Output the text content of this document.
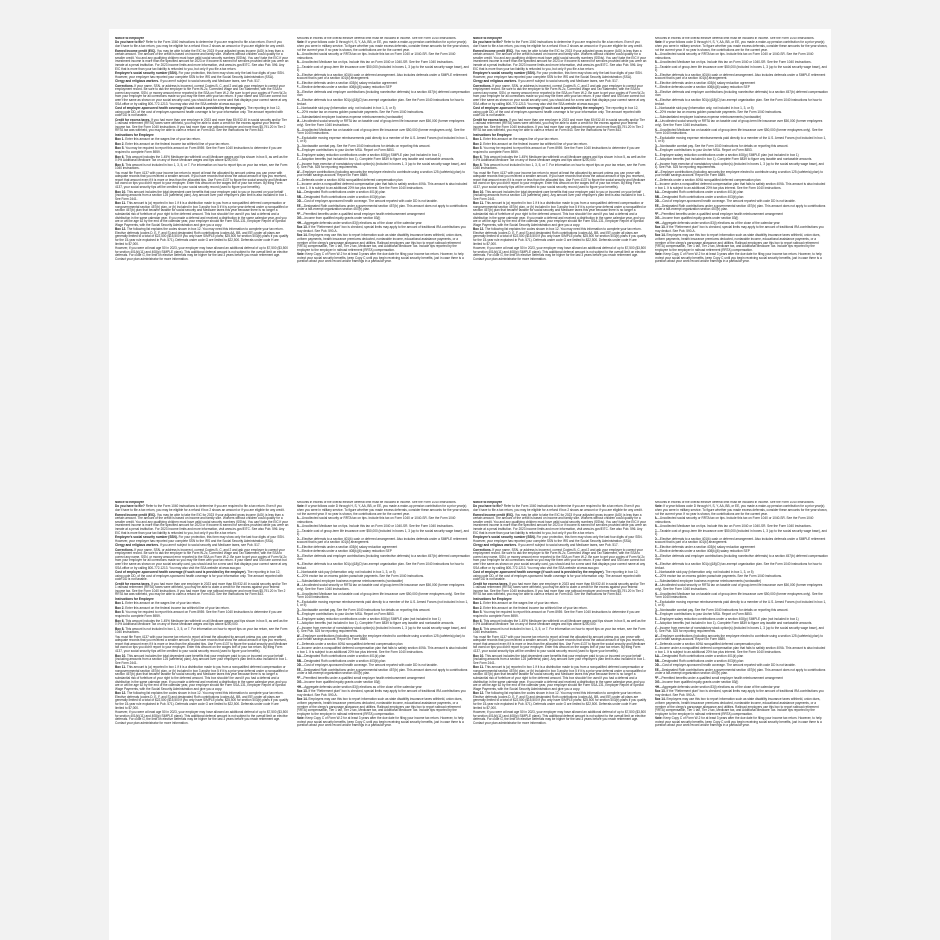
Notice to Employee

Do you have to file? Refer to the Form 1040 instructions to determine if you are required to file a tax return. Even if you don't have to file a tax return, you may be eligible for a refund if box 2 shows an amount or if you are eligible for any credit.

Earned income credit (EIC). You may be able to take the EIC for 2023 if your adjusted gross income (AGI) is less than a certain amount. The amount of the credit is based on income and family size. Workers without children could qualify for a smaller credit. You and any qualifying children must have valid social security numbers (SSNs). You can't take the EIC if your investment income is more than the specified amount for 2023 or if income is earned for services provided while you were an inmate at a penal institution. For 2023 income limits and more information, visit www.irs.gov/EITC. See also Pub. 596. Any EIC that is more than your tax liability is refunded to you, but only if you file a tax return.

Employee's social security number (SSN). For your protection, this form may show only the last four digits of your SSN. However, your employer has reported your complete SSN to the IRS and the Social Security Administration (SSA).

Clergy and religious workers. If you aren't subject to social security and Medicare taxes, see Pub. 517.

Corrections. If your name, SSN, or address is incorrect, correct Copies B, C, and 2 and ask your employer to correct your employment record. Be sure to ask the employer to file Form W-2c, Corrected Wage and Tax Statement, with the SSA to correct any name, SSN, or money amount error reported to the SSA on Form W-2. Be sure to get your copies of Form W-2c from your employer for all corrections made so you may file them with your tax return. If your name and SSN are correct but aren't the same as shown on your social security card, you should ask for a new card that displays your correct name at any SSA office or by calling 800-772-1213. You may also visit the SSA website at www.ssa.gov.

Cost of employer-sponsored health coverage (if such cost is provided by the employer). The reporting in box 12, using code DD, of the cost of employer-sponsored health coverage is for your information only. The amount reported with code DD is not taxable.

Credit for excess taxes. If you had more than one employer in 2023 and more than $9,932.40 in social security and/or Tier 1 railroad retirement (RRTA) taxes were withheld, you may be able to claim a credit for the excess against your federal income tax. See the Form 1040 instructions. If you had more than one railroad employer and more than $5,791.20 in Tier 2 RRTA tax was withheld, you may be able to claim a refund on Form 843. See the Instructions for Form 843.

Instructions for Employee

Box 1. Enter this amount on the wages line of your tax return.

Box 2. Enter this amount on the federal income tax withheld line of your tax return.

Box 5. You may be required to report this amount on Form 8959. See the Form 1040 instructions to determine if you are required to complete Form 8959.

Box 6. This amount includes the 1.45% Medicare tax withheld on all Medicare wages and tips shown in box 5, as well as the 0.9% Additional Medicare Tax on any of those Medicare wages and tips above $200,000.

Box 8. This amount is not included in box 1, 3, 5, or 7. For information on how to report tips on your tax return, see the Form 1040 instructions.

You must file Form 4137 with your income tax return to report at least the allocated tip amount unless you can prove with adequate records that you received a smaller amount. If you have records that show the actual amount of tips you received, report that amount even if it is more or less than the allocated tips. Use Form 4137 to figure the social security and Medicare tax owed on tips you didn't report to your employer. Enter this amount on the wages line of your tax return. By filing Form 4137, your social security tips will be credited to your social security record (used to figure your benefits).

Box 10. This amount includes the total dependent care benefits that your employer paid to you or incurred on your behalf (including amounts from a section 125 (cafeteria) plan). Any amount over your employer's plan limit is also included in box 1. See Form 2441.

Box 11. This amount is (a) reported in box 1 if it is a distribution made to you from a nonqualified deferred compensation or nongovernmental section 457(b) plan, or (b) included in box 3 and/or box 5 if it is a prior year deferral under a nonqualified or section 457(b) plan that became taxable for social security and Medicare taxes this year because there is no longer a substantial risk of forfeiture of your right to the deferred amount. This box shouldn't be used if you had a deferral and a distribution in the same calendar year. If you made a deferral and received a distribution in the same calendar year, and you are or will be age 62 by the end of the calendar year, your employer should file Form SSA-131, Employer Report of Special Wage Payments, with the Social Security Administration and give you a copy.

Box 12. The following list explains the codes shown in box 12. You may need this information to complete your tax return. Elective deferrals (codes D, E, F, and S) and designated Roth contributions (codes AA, BB, and EE) under all plans are generally limited to a total of $22,500 ($15,500 if you only have SIMPLE plans; $25,500 for section 403(b) plans if you qualify for the 15-year rule explained in Pub. 571). Deferrals under code G are limited to $22,500. Deferrals under code H are limited to $7,000.

However, if you were at least age 50 in 2023, your employer may have allowed an additional deferral of up to $7,500 ($3,500 for section 401(k)(11) and 408(p) SIMPLE plans). This additional deferral amount is not subject to the overall limit on elective deferrals. For code G, the limit on elective deferrals may be higher for the last 3 years before you reach retirement age. Contact your plan administrator for more information.

Amounts in excess of the overall elective deferral limit must be included in income. See the Form 1040 instructions.

Note: If a year follows code D through H, S, Y, AA, BB, or EE, you made a make-up pension contribution for a prior year(s) when you were in military service. To figure whether you made excess deferrals, consider these amounts for the year shown, not the current year. If no year is shown, the contributions are for the current year.

A—Uncollected social security or RRTA tax on tips. Include this tax on Form 1040 or 1040-SR. See the Form 1040 instructions.

B—Uncollected Medicare tax on tips. Include this tax on Form 1040 or 1040-SR. See the Form 1040 instructions.

C—Taxable cost of group-term life insurance over $50,000 (included in boxes 1, 3 (up to the social security wage base), and 5)

D—Elective deferrals to a section 401(k) cash or deferred arrangement. Also includes deferrals under a SIMPLE retirement account that is part of a section 401(k) arrangement.

E—Elective deferrals under a section 403(b) salary reduction agreement

F—Elective deferrals under a section 408(k)(6) salary reduction SEP

G—Elective deferrals and employer contributions (including nonelective deferrals) to a section 457(b) deferred compensation plan

H—Elective deferrals to a section 501(c)(18)(D) tax-exempt organization plan. See the Form 1040 instructions for how to deduct.

J—Nontaxable sick pay (information only, not included in box 1, 3, or 5)

K—20% excise tax on excess golden parachute payments. See the Form 1040 instructions.

L—Substantiated employee business expense reimbursements (nontaxable)

M—Uncollected social security or RRTA tax on taxable cost of group-term life insurance over $50,000 (former employees only). See the Form 1040 instructions.

N—Uncollected Medicare tax on taxable cost of group-term life insurance over $50,000 (former employees only). See the Form 1040 instructions.

P—Excludable moving expense reimbursements paid directly to a member of the U.S. Armed Forces (not included in box 1, 3, or 5)

Q—Nontaxable combat pay. See the Form 1040 instructions for details on reporting this amount.

R—Employer contributions to your Archer MSA. Report on Form 8853.

S—Employee salary reduction contributions under a section 408(p) SIMPLE plan (not included in box 1)

T—Adoption benefits (not included in box 1). Complete Form 8839 to figure any taxable and nontaxable amounts.

V—Income from exercise of nonstatutory stock option(s) (included in boxes 1, 3 (up to the social security wage base), and 5). See Pub. 525 for reporting requirements.

W—Employer contributions (including amounts the employee elected to contribute using a section 125 (cafeteria) plan) to your health savings account. Report on Form 8889.

Y—Deferrals under a section 409A nonqualified deferred compensation plan

Z—Income under a nonqualified deferred compensation plan that fails to satisfy section 409A. This amount is also included in box 1. It is subject to an additional 20% tax plus interest. See the Form 1040 instructions.

AA—Designated Roth contributions under a section 401(k) plan

BB—Designated Roth contributions under a section 403(b) plan

DD—Cost of employer-sponsored health coverage. The amount reported with code DD is not taxable.

EE—Designated Roth contributions under a governmental section 457(b) plan. This amount does not apply to contributions under a tax-exempt organization section 457(b) plan.

FF—Permitted benefits under a qualified small employer health reimbursement arrangement

GG—Income from qualified equity grants under section 83(i)

HH—Aggregate deferrals under section 83(i) elections as of the close of the calendar year

Box 13. If the "Retirement plan" box is checked, special limits may apply to the amount of traditional IRA contributions you may deduct. See Pub. 590-A.

Box 14. Employers may use this box to report information such as state disability insurance taxes withheld, union dues, uniform payments, health insurance premiums deducted, nontaxable income, educational assistance payments, or a member of the clergy's parsonage allowance and utilities. Railroad employers use this box to report railroad retirement (RRTA) compensation, Tier 1 tax, Tier 2 tax, Medicare tax, and Additional Medicare Tax. Include tips reported by the employee to the employer in railroad retirement (RRTA) compensation.

Note: Keep Copy C of Form W-2 for at least 3 years after the due date for filing your income tax return. However, to help protect your social security benefits, keep Copy C until you begin receiving social security benefits, just in case there is a question about your work record and/or earnings in a particular year.

Notice to Employee

Do you have to file? Refer to the Form 1040 instructions to determine if you are required to file a tax return. Even if you don't have to file a tax return, you may be eligible for a refund if box 2 shows an amount or if you are eligible for any credit.

Earned income credit (EIC). You may be able to take the EIC for 2023 if your adjusted gross income (AGI) is less than a certain amount. The amount of the credit is based on income and family size. Workers without children could qualify for a smaller credit. You and any qualifying children must have valid social security numbers (SSNs). You can't take the EIC if your investment income is more than the specified amount for 2023 or if income is earned for services provided while you were an inmate at a penal institution. For 2023 income limits and more information, visit www.irs.gov/EITC. See also Pub. 596. Any EIC that is more than your tax liability is refunded to you, but only if you file a tax return.

Employee's social security number (SSN). For your protection, this form may show only the last four digits of your SSN. However, your employer has reported your complete SSN to the IRS and the Social Security Administration (SSA).

Clergy and religious workers. If you aren't subject to social security and Medicare taxes, see Pub. 517.

Corrections. If your name, SSN, or address is incorrect, correct Copies B, C, and 2 and ask your employer to correct your employment record. Be sure to ask the employer to file Form W-2c, Corrected Wage and Tax Statement, with the SSA to correct any name, SSN, or money amount error reported to the SSA on Form W-2. Be sure to get your copies of Form W-2c from your employer for all corrections made so you may file them with your tax return. If your name and SSN are correct but aren't the same as shown on your social security card, you should ask for a new card that displays your correct name at any SSA office or by calling 800-772-1213. You may also visit the SSA website at www.ssa.gov.

Cost of employer-sponsored health coverage (if such cost is provided by the employer). The reporting in box 12, using code DD, of the cost of employer-sponsored health coverage is for your information only. The amount reported with code DD is not taxable.

Credit for excess taxes. If you had more than one employer in 2023 and more than $9,932.40 in social security and/or Tier 1 railroad retirement (RRTA) taxes were withheld, you may be able to claim a credit for the excess against your federal income tax. See the Form 1040 instructions. If you had more than one railroad employer and more than $5,791.20 in Tier 2 RRTA tax was withheld, you may be able to claim a refund on Form 843. See the Instructions for Form 843.

Instructions for Employee

Box 1. Enter this amount on the wages line of your tax return.

Box 2. Enter this amount on the federal income tax withheld line of your tax return.

Box 5. You may be required to report this amount on Form 8959. See the Form 1040 instructions to determine if you are required to complete Form 8959.

Box 6. This amount includes the 1.45% Medicare tax withheld on all Medicare wages and tips shown in box 5, as well as the 0.9% Additional Medicare Tax on any of those Medicare wages and tips above $200,000.

Box 8. This amount is not included in box 1, 3, 5, or 7. For information on how to report tips on your tax return, see the Form 1040 instructions.

You must file Form 4137 with your income tax return to report at least the allocated tip amount unless you can prove with adequate records that you received a smaller amount. If you have records that show the actual amount of tips you received, report that amount even if it is more or less than the allocated tips. Use Form 4137 to figure the social security and Medicare tax owed on tips you didn't report to your employer. Enter this amount on the wages line of your tax return. By filing Form 4137, your social security tips will be credited to your social security record (used to figure your benefits).

Box 10. This amount includes the total dependent care benefits that your employer paid to you or incurred on your behalf (including amounts from a section 125 (cafeteria) plan). Any amount over your employer's plan limit is also included in box 1. See Form 2441.

Box 11. This amount is (a) reported in box 1 if it is a distribution made to you from a nonqualified deferred compensation or nongovernmental section 457(b) plan, or (b) included in box 3 and/or box 5 if it is a prior year deferral under a nonqualified or section 457(b) plan that became taxable for social security and Medicare taxes this year because there is no longer a substantial risk of forfeiture of your right to the deferred amount. This box shouldn't be used if you had a deferral and a distribution in the same calendar year. If you made a deferral and received a distribution in the same calendar year, and you are or will be age 62 by the end of the calendar year, your employer should file Form SSA-131, Employer Report of Special Wage Payments, with the Social Security Administration and give you a copy.

Box 12. The following list explains the codes shown in box 12. You may need this information to complete your tax return. Elective deferrals (codes D, E, F, and S) and designated Roth contributions (codes AA, BB, and EE) under all plans are generally limited to a total of $22,500 ($15,500 if you only have SIMPLE plans; $25,500 for section 403(b) plans if you qualify for the 15-year rule explained in Pub. 571). Deferrals under code G are limited to $22,500. Deferrals under code H are limited to $7,000.

However, if you were at least age 50 in 2023, your employer may have allowed an additional deferral of up to $7,500 ($3,500 for section 401(k)(11) and 408(p) SIMPLE plans). This additional deferral amount is not subject to the overall limit on elective deferrals. For code G, the limit on elective deferrals may be higher for the last 3 years before you reach retirement age. Contact your plan administrator for more information.

Amounts in excess of the overall elective deferral limit must be included in income. See the Form 1040 instructions.

Note: If a year follows code D through H, S, Y, AA, BB, or EE, you made a make-up pension contribution for a prior year(s) when you were in military service. To figure whether you made excess deferrals, consider these amounts for the year shown, not the current year. If no year is shown, the contributions are for the current year.

A—Uncollected social security or RRTA tax on tips. Include this tax on Form 1040 or 1040-SR. See the Form 1040 instructions.

B—Uncollected Medicare tax on tips. Include this tax on Form 1040 or 1040-SR. See the Form 1040 instructions.

C—Taxable cost of group-term life insurance over $50,000 (included in boxes 1, 3 (up to the social security wage base), and 5)

D—Elective deferrals to a section 401(k) cash or deferred arrangement. Also includes deferrals under a SIMPLE retirement account that is part of a section 401(k) arrangement.

E—Elective deferrals under a section 403(b) salary reduction agreement

F—Elective deferrals under a section 408(k)(6) salary reduction SEP

G—Elective deferrals and employer contributions (including nonelective deferrals) to a section 457(b) deferred compensation plan

H—Elective deferrals to a section 501(c)(18)(D) tax-exempt organization plan. See the Form 1040 instructions for how to deduct.

J—Nontaxable sick pay (information only, not included in box 1, 3, or 5)

K—20% excise tax on excess golden parachute payments. See the Form 1040 instructions.

L—Substantiated employee business expense reimbursements (nontaxable)

M—Uncollected social security or RRTA tax on taxable cost of group-term life insurance over $50,000 (former employees only). See the Form 1040 instructions.

N—Uncollected Medicare tax on taxable cost of group-term life insurance over $50,000 (former employees only). See the Form 1040 instructions.

P—Excludable moving expense reimbursements paid directly to a member of the U.S. Armed Forces (not included in box 1, 3, or 5)

Q—Nontaxable combat pay. See the Form 1040 instructions for details on reporting this amount.

R—Employer contributions to your Archer MSA. Report on Form 8853.

S—Employee salary reduction contributions under a section 408(p) SIMPLE plan (not included in box 1)

T—Adoption benefits (not included in box 1). Complete Form 8839 to figure any taxable and nontaxable amounts.

V—Income from exercise of nonstatutory stock option(s) (included in boxes 1, 3 (up to the social security wage base), and 5). See Pub. 525 for reporting requirements.

W—Employer contributions (including amounts the employee elected to contribute using a section 125 (cafeteria) plan) to your health savings account. Report on Form 8889.

Y—Deferrals under a section 409A nonqualified deferred compensation plan

Z—Income under a nonqualified deferred compensation plan that fails to satisfy section 409A. This amount is also included in box 1. It is subject to an additional 20% tax plus interest. See the Form 1040 instructions.

AA—Designated Roth contributions under a section 401(k) plan

BB—Designated Roth contributions under a section 403(b) plan

DD—Cost of employer-sponsored health coverage. The amount reported with code DD is not taxable.

EE—Designated Roth contributions under a governmental section 457(b) plan. This amount does not apply to contributions under a tax-exempt organization section 457(b) plan.

FF—Permitted benefits under a qualified small employer health reimbursement arrangement

GG—Income from qualified equity grants under section 83(i)

HH—Aggregate deferrals under section 83(i) elections as of the close of the calendar year

Box 13. If the "Retirement plan" box is checked, special limits may apply to the amount of traditional IRA contributions you may deduct. See Pub. 590-A.

Box 14. Employers may use this box to report information such as state disability insurance taxes withheld, union dues, uniform payments, health insurance premiums deducted, nontaxable income, educational assistance payments, or a member of the clergy's parsonage allowance and utilities. Railroad employers use this box to report railroad retirement (RRTA) compensation, Tier 1 tax, Tier 2 tax, Medicare tax, and Additional Medicare Tax. Include tips reported by the employee to the employer in railroad retirement (RRTA) compensation.

Note: Keep Copy C of Form W-2 for at least 3 years after the due date for filing your income tax return. However, to help protect your social security benefits, keep Copy C until you begin receiving social security benefits, just in case there is a question about your work record and/or earnings in a particular year.

Notice to Employee

Do you have to file? Refer to the Form 1040 instructions to determine if you are required to file a tax return. Even if you don't have to file a tax return, you may be eligible for a refund if box 2 shows an amount or if you are eligible for any credit.

Earned income credit (EIC). You may be able to take the EIC for 2023 if your adjusted gross income (AGI) is less than a certain amount. The amount of the credit is based on income and family size. Workers without children could qualify for a smaller credit. You and any qualifying children must have valid social security numbers (SSNs). You can't take the EIC if your investment income is more than the specified amount for 2023 or if income is earned for services provided while you were an inmate at a penal institution. For 2023 income limits and more information, visit www.irs.gov/EITC. See also Pub. 596. Any EIC that is more than your tax liability is refunded to you, but only if you file a tax return.

Employee's social security number (SSN). For your protection, this form may show only the last four digits of your SSN. However, your employer has reported your complete SSN to the IRS and the Social Security Administration (SSA).

Clergy and religious workers. If you aren't subject to social security and Medicare taxes, see Pub. 517.

Corrections. If your name, SSN, or address is incorrect, correct Copies B, C, and 2 and ask your employer to correct your employment record. Be sure to ask the employer to file Form W-2c, Corrected Wage and Tax Statement, with the SSA to correct any name, SSN, or money amount error reported to the SSA on Form W-2. Be sure to get your copies of Form W-2c from your employer for all corrections made so you may file them with your tax return. If your name and SSN are correct but aren't the same as shown on your social security card, you should ask for a new card that displays your correct name at any SSA office or by calling 800-772-1213. You may also visit the SSA website at www.ssa.gov.

Cost of employer-sponsored health coverage (if such cost is provided by the employer). The reporting in box 12, using code DD, of the cost of employer-sponsored health coverage is for your information only. The amount reported with code DD is not taxable.

Credit for excess taxes. If you had more than one employer in 2023 and more than $9,932.40 in social security and/or Tier 1 railroad retirement (RRTA) taxes were withheld, you may be able to claim a credit for the excess against your federal income tax. See the Form 1040 instructions. If you had more than one railroad employer and more than $5,791.20 in Tier 2 RRTA tax was withheld, you may be able to claim a refund on Form 843. See the Instructions for Form 843.

Instructions for Employee

Box 1. Enter this amount on the wages line of your tax return.

Box 2. Enter this amount on the federal income tax withheld line of your tax return.

Box 5. You may be required to report this amount on Form 8959. See the Form 1040 instructions to determine if you are required to complete Form 8959.

Box 6. This amount includes the 1.45% Medicare tax withheld on all Medicare wages and tips shown in box 5, as well as the 0.9% Additional Medicare Tax on any of those Medicare wages and tips above $200,000.

Box 8. This amount is not included in box 1, 3, 5, or 7. For information on how to report tips on your tax return, see the Form 1040 instructions.

You must file Form 4137 with your income tax return to report at least the allocated tip amount unless you can prove with adequate records that you received a smaller amount. If you have records that show the actual amount of tips you received, report that amount even if it is more or less than the allocated tips. Use Form 4137 to figure the social security and Medicare tax owed on tips you didn't report to your employer. Enter this amount on the wages line of your tax return. By filing Form 4137, your social security tips will be credited to your social security record (used to figure your benefits).

Box 10. This amount includes the total dependent care benefits that your employer paid to you or incurred on your behalf (including amounts from a section 125 (cafeteria) plan). Any amount over your employer's plan limit is also included in box 1. See Form 2441.

Box 11. This amount is (a) reported in box 1 if it is a distribution made to you from a nonqualified deferred compensation or nongovernmental section 457(b) plan, or (b) included in box 3 and/or box 5 if it is a prior year deferral under a nonqualified or section 457(b) plan that became taxable for social security and Medicare taxes this year because there is no longer a substantial risk of forfeiture of your right to the deferred amount. This box shouldn't be used if you had a deferral and a distribution in the same calendar year. If you made a deferral and received a distribution in the same calendar year, and you are or will be age 62 by the end of the calendar year, your employer should file Form SSA-131, Employer Report of Special Wage Payments, with the Social Security Administration and give you a copy.

Box 12. The following list explains the codes shown in box 12. You may need this information to complete your tax return. Elective deferrals (codes D, E, F, and S) and designated Roth contributions (codes AA, BB, and EE) under all plans are generally limited to a total of $22,500 ($15,500 if you only have SIMPLE plans; $25,500 for section 403(b) plans if you qualify for the 15-year rule explained in Pub. 571). Deferrals under code G are limited to $22,500. Deferrals under code H are limited to $7,000.

However, if you were at least age 50 in 2023, your employer may have allowed an additional deferral of up to $7,500 ($3,500 for section 401(k)(11) and 408(p) SIMPLE plans). This additional deferral amount is not subject to the overall limit on elective deferrals. For code G, the limit on elective deferrals may be higher for the last 3 years before you reach retirement age. Contact your plan administrator for more information.

Amounts in excess of the overall elective deferral limit must be included in income. See the Form 1040 instructions.

Note: If a year follows code D through H, S, Y, AA, BB, or EE, you made a make-up pension contribution for a prior year(s) when you were in military service. To figure whether you made excess deferrals, consider these amounts for the year shown, not the current year. If no year is shown, the contributions are for the current year.

A—Uncollected social security or RRTA tax on tips. Include this tax on Form 1040 or 1040-SR. See the Form 1040 instructions.

B—Uncollected Medicare tax on tips. Include this tax on Form 1040 or 1040-SR. See the Form 1040 instructions.

C—Taxable cost of group-term life insurance over $50,000 (included in boxes 1, 3 (up to the social security wage base), and 5)

D—Elective deferrals to a section 401(k) cash or deferred arrangement. Also includes deferrals under a SIMPLE retirement account that is part of a section 401(k) arrangement.

E—Elective deferrals under a section 403(b) salary reduction agreement

F—Elective deferrals under a section 408(k)(6) salary reduction SEP

G—Elective deferrals and employer contributions (including nonelective deferrals) to a section 457(b) deferred compensation plan

H—Elective deferrals to a section 501(c)(18)(D) tax-exempt organization plan. See the Form 1040 instructions for how to deduct.

J—Nontaxable sick pay (information only, not included in box 1, 3, or 5)

K—20% excise tax on excess golden parachute payments. See the Form 1040 instructions.

L—Substantiated employee business expense reimbursements (nontaxable)

M—Uncollected social security or RRTA tax on taxable cost of group-term life insurance over $50,000 (former employees only). See the Form 1040 instructions.

N—Uncollected Medicare tax on taxable cost of group-term life insurance over $50,000 (former employees only). See the Form 1040 instructions.

P—Excludable moving expense reimbursements paid directly to a member of the U.S. Armed Forces (not included in box 1, 3, or 5)

Q—Nontaxable combat pay. See the Form 1040 instructions for details on reporting this amount.

R—Employer contributions to your Archer MSA. Report on Form 8853.

S—Employee salary reduction contributions under a section 408(p) SIMPLE plan (not included in box 1)

T—Adoption benefits (not included in box 1). Complete Form 8839 to figure any taxable and nontaxable amounts.

V—Income from exercise of nonstatutory stock option(s) (included in boxes 1, 3 (up to the social security wage base), and 5). See Pub. 525 for reporting requirements.

W—Employer contributions (including amounts the employee elected to contribute using a section 125 (cafeteria) plan) to your health savings account. Report on Form 8889.

Y—Deferrals under a section 409A nonqualified deferred compensation plan

Z—Income under a nonqualified deferred compensation plan that fails to satisfy section 409A. This amount is also included in box 1. It is subject to an additional 20% tax plus interest. See the Form 1040 instructions.

AA—Designated Roth contributions under a section 401(k) plan

BB—Designated Roth contributions under a section 403(b) plan

DD—Cost of employer-sponsored health coverage. The amount reported with code DD is not taxable.

EE—Designated Roth contributions under a governmental section 457(b) plan. This amount does not apply to contributions under a tax-exempt organization section 457(b) plan.

FF—Permitted benefits under a qualified small employer health reimbursement arrangement

GG—Income from qualified equity grants under section 83(i)

HH—Aggregate deferrals under section 83(i) elections as of the close of the calendar year

Box 13. If the "Retirement plan" box is checked, special limits may apply to the amount of traditional IRA contributions you may deduct. See Pub. 590-A.

Box 14. Employers may use this box to report information such as state disability insurance taxes withheld, union dues, uniform payments, health insurance premiums deducted, nontaxable income, educational assistance payments, or a member of the clergy's parsonage allowance and utilities. Railroad employers use this box to report railroad retirement (RRTA) compensation, Tier 1 tax, Tier 2 tax, Medicare tax, and Additional Medicare Tax. Include tips reported by the employee to the employer in railroad retirement (RRTA) compensation.

Note: Keep Copy C of Form W-2 for at least 3 years after the due date for filing your income tax return. However, to help protect your social security benefits, keep Copy C until you begin receiving social security benefits, just in case there is a question about your work record and/or earnings in a particular year.

Notice to Employee

Do you have to file? Refer to the Form 1040 instructions to determine if you are required to file a tax return. Even if you don't have to file a tax return, you may be eligible for a refund if box 2 shows an amount or if you are eligible for any credit.

Earned income credit (EIC). You may be able to take the EIC for 2023 if your adjusted gross income (AGI) is less than a certain amount. The amount of the credit is based on income and family size. Workers without children could qualify for a smaller credit. You and any qualifying children must have valid social security numbers (SSNs). You can't take the EIC if your investment income is more than the specified amount for 2023 or if income is earned for services provided while you were an inmate at a penal institution. For 2023 income limits and more information, visit www.irs.gov/EITC. See also Pub. 596. Any EIC that is more than your tax liability is refunded to you, but only if you file a tax return.

Employee's social security number (SSN). For your protection, this form may show only the last four digits of your SSN. However, your employer has reported your complete SSN to the IRS and the Social Security Administration (SSA).

Clergy and religious workers. If you aren't subject to social security and Medicare taxes, see Pub. 517.

Corrections. If your name, SSN, or address is incorrect, correct Copies B, C, and 2 and ask your employer to correct your employment record. Be sure to ask the employer to file Form W-2c, Corrected Wage and Tax Statement, with the SSA to correct any name, SSN, or money amount error reported to the SSA on Form W-2. Be sure to get your copies of Form W-2c from your employer for all corrections made so you may file them with your tax return. If your name and SSN are correct but aren't the same as shown on your social security card, you should ask for a new card that displays your correct name at any SSA office or by calling 800-772-1213. You may also visit the SSA website at www.ssa.gov.

Cost of employer-sponsored health coverage (if such cost is provided by the employer). The reporting in box 12, using code DD, of the cost of employer-sponsored health coverage is for your information only. The amount reported with code DD is not taxable.

Credit for excess taxes. If you had more than one employer in 2023 and more than $9,932.40 in social security and/or Tier 1 railroad retirement (RRTA) taxes were withheld, you may be able to claim a credit for the excess against your federal income tax. See the Form 1040 instructions. If you had more than one railroad employer and more than $5,791.20 in Tier 2 RRTA tax was withheld, you may be able to claim a refund on Form 843. See the Instructions for Form 843.

Instructions for Employee

Box 1. Enter this amount on the wages line of your tax return.

Box 2. Enter this amount on the federal income tax withheld line of your tax return.

Box 5. You may be required to report this amount on Form 8959. See the Form 1040 instructions to determine if you are required to complete Form 8959.

Box 6. This amount includes the 1.45% Medicare tax withheld on all Medicare wages and tips shown in box 5, as well as the 0.9% Additional Medicare Tax on any of those Medicare wages and tips above $200,000.

Box 8. This amount is not included in box 1, 3, 5, or 7. For information on how to report tips on your tax return, see the Form 1040 instructions.

You must file Form 4137 with your income tax return to report at least the allocated tip amount unless you can prove with adequate records that you received a smaller amount. If you have records that show the actual amount of tips you received, report that amount even if it is more or less than the allocated tips. Use Form 4137 to figure the social security and Medicare tax owed on tips you didn't report to your employer. Enter this amount on the wages line of your tax return. By filing Form 4137, your social security tips will be credited to your social security record (used to figure your benefits).

Box 10. This amount includes the total dependent care benefits that your employer paid to you or incurred on your behalf (including amounts from a section 125 (cafeteria) plan). Any amount over your employer's plan limit is also included in box 1. See Form 2441.

Box 11. This amount is (a) reported in box 1 if it is a distribution made to you from a nonqualified deferred compensation or nongovernmental section 457(b) plan, or (b) included in box 3 and/or box 5 if it is a prior year deferral under a nonqualified or section 457(b) plan that became taxable for social security and Medicare taxes this year because there is no longer a substantial risk of forfeiture of your right to the deferred amount. This box shouldn't be used if you had a deferral and a distribution in the same calendar year. If you made a deferral and received a distribution in the same calendar year, and you are or will be age 62 by the end of the calendar year, your employer should file Form SSA-131, Employer Report of Special Wage Payments, with the Social Security Administration and give you a copy.

Box 12. The following list explains the codes shown in box 12. You may need this information to complete your tax return. Elective deferrals (codes D, E, F, and S) and designated Roth contributions (codes AA, BB, and EE) under all plans are generally limited to a total of $22,500 ($15,500 if you only have SIMPLE plans; $25,500 for section 403(b) plans if you qualify for the 15-year rule explained in Pub. 571). Deferrals under code G are limited to $22,500. Deferrals under code H are limited to $7,000.

However, if you were at least age 50 in 2023, your employer may have allowed an additional deferral of up to $7,500 ($3,500 for section 401(k)(11) and 408(p) SIMPLE plans). This additional deferral amount is not subject to the overall limit on elective deferrals. For code G, the limit on elective deferrals may be higher for the last 3 years before you reach retirement age. Contact your plan administrator for more information.

Amounts in excess of the overall elective deferral limit must be included in income. See the Form 1040 instructions.

Note: If a year follows code D through H, S, Y, AA, BB, or EE, you made a make-up pension contribution for a prior year(s) when you were in military service. To figure whether you made excess deferrals, consider these amounts for the year shown, not the current year. If no year is shown, the contributions are for the current year.

A—Uncollected social security or RRTA tax on tips. Include this tax on Form 1040 or 1040-SR. See the Form 1040 instructions.

B—Uncollected Medicare tax on tips. Include this tax on Form 1040 or 1040-SR. See the Form 1040 instructions.

C—Taxable cost of group-term life insurance over $50,000 (included in boxes 1, 3 (up to the social security wage base), and 5)

D—Elective deferrals to a section 401(k) cash or deferred arrangement. Also includes deferrals under a SIMPLE retirement account that is part of a section 401(k) arrangement.

E—Elective deferrals under a section 403(b) salary reduction agreement

F—Elective deferrals under a section 408(k)(6) salary reduction SEP

G—Elective deferrals and employer contributions (including nonelective deferrals) to a section 457(b) deferred compensation plan

H—Elective deferrals to a section 501(c)(18)(D) tax-exempt organization plan. See the Form 1040 instructions for how to deduct.

J—Nontaxable sick pay (information only, not included in box 1, 3, or 5)

K—20% excise tax on excess golden parachute payments. See the Form 1040 instructions.

L—Substantiated employee business expense reimbursements (nontaxable)

M—Uncollected social security or RRTA tax on taxable cost of group-term life insurance over $50,000 (former employees only). See the Form 1040 instructions.

N—Uncollected Medicare tax on taxable cost of group-term life insurance over $50,000 (former employees only). See the Form 1040 instructions.

P—Excludable moving expense reimbursements paid directly to a member of the U.S. Armed Forces (not included in box 1, 3, or 5)

Q—Nontaxable combat pay. See the Form 1040 instructions for details on reporting this amount.

R—Employer contributions to your Archer MSA. Report on Form 8853.

S—Employee salary reduction contributions under a section 408(p) SIMPLE plan (not included in box 1)

T—Adoption benefits (not included in box 1). Complete Form 8839 to figure any taxable and nontaxable amounts.

V—Income from exercise of nonstatutory stock option(s) (included in boxes 1, 3 (up to the social security wage base), and 5). See Pub. 525 for reporting requirements.

W—Employer contributions (including amounts the employee elected to contribute using a section 125 (cafeteria) plan) to your health savings account. Report on Form 8889.

Y—Deferrals under a section 409A nonqualified deferred compensation plan

Z—Income under a nonqualified deferred compensation plan that fails to satisfy section 409A. This amount is also included in box 1. It is subject to an additional 20% tax plus interest. See the Form 1040 instructions.

AA—Designated Roth contributions under a section 401(k) plan

BB—Designated Roth contributions under a section 403(b) plan

DD—Cost of employer-sponsored health coverage. The amount reported with code DD is not taxable.

EE—Designated Roth contributions under a governmental section 457(b) plan. This amount does not apply to contributions under a tax-exempt organization section 457(b) plan.

FF—Permitted benefits under a qualified small employer health reimbursement arrangement

GG—Income from qualified equity grants under section 83(i)

HH—Aggregate deferrals under section 83(i) elections as of the close of the calendar year

Box 13. If the "Retirement plan" box is checked, special limits may apply to the amount of traditional IRA contributions you may deduct. See Pub. 590-A.

Box 14. Employers may use this box to report information such as state disability insurance taxes withheld, union dues, uniform payments, health insurance premiums deducted, nontaxable income, educational assistance payments, or a member of the clergy's parsonage allowance and utilities. Railroad employers use this box to report railroad retirement (RRTA) compensation, Tier 1 tax, Tier 2 tax, Medicare tax, and Additional Medicare Tax. Include tips reported by the employee to the employer in railroad retirement (RRTA) compensation.

Note: Keep Copy C of Form W-2 for at least 3 years after the due date for filing your income tax return. However, to help protect your social security benefits, keep Copy C until you begin receiving social security benefits, just in case there is a question about your work record and/or earnings in a particular year.
